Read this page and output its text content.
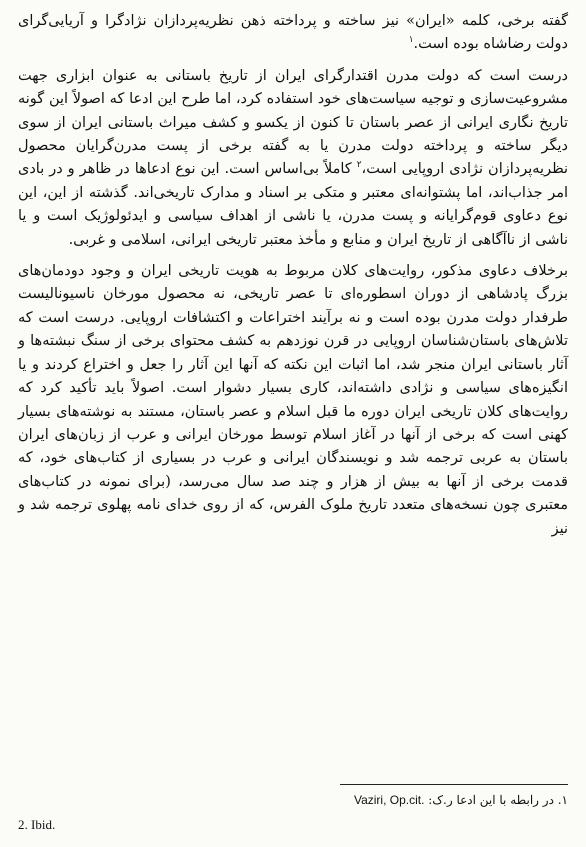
گفته برخی، کلمه «ایران» نیز ساخته و پرداخته ذهن نظریه‌پردازان نژادگرا و آریایی‌گرای دولت رضاشاه بوده است.$^۱$

درست است که دولت مدرن اقتدارگرای ایران از تاریخ باستانی به عنوان ابزاری جهت مشروعیت‌سازی و توجیه سیاست‌های خود استفاده کرد، اما طرح این ادعا که اصولاً این گونه تاریخ نگاری ایرانی از عصر باستان تا کنون از یکسو و کشف میراث باستانی ایران از سوی دیگر ساخته و پرداخته دولت مدرن یا به گفته برخی از پست مدرن‌گرایان محصول نظریه‌پردازان نژادی اروپایی است،$^۲$ کاملاً بی‌اساس است. این نوع ادعاها در ظاهر و در بادی امر جذاب‌اند، اما پشتوانه‌ای معتبر و متکی بر اسناد و مدارک تاریخی‌اند. گذشته از این، این نوع دعاوی قوم‌گرایانه و پست مدرن، یا ناشی از اهداف سیاسی و ایدئولوژیک است و یا ناشی از ناآگاهی از تاریخ ایران و منابع و مأخذ معتبر تاریخی ایرانی، اسلامی و غربی.

برخلاف دعاوی مذکور، روایت‌های کلان مربوط به هویت تاریخی ایران و وجود دودمان‌های بزرگ پادشاهی از دوران اسطوره‌ای تا عصر تاریخی، نه محصول مورخان ناسیونالیست طرفدار دولت مدرن بوده است و نه برآیند اختراعات و اکتشافات اروپایی. درست است که تلاش‌های باستان‌شناسان اروپایی در قرن نوزدهم به کشف محتوای برخی از سنگ نبشته‌ها و آثار باستانی ایران منجر شد، اما اثبات این نکته که آنها این آثار را جعل و اختراع کردند و یا انگیزه‌های سیاسی و نژادی داشته‌اند، کاری بسیار دشوار است. اصولاً باید تأکید کرد که روایت‌های کلان تاریخی ایران دوره ما قبل اسلام و عصر باستان، مستند به نوشته‌های بسیار کهنی است که برخی از آنها در آغاز اسلام توسط مورخان ایرانی و عرب از زبان‌های ایران باستان به عربی ترجمه شد و نویسندگان ایرانی و عرب در بسیاری از کتاب‌های خود، که قدمت برخی از آنها به بیش از هزار و چند صد سال می‌رسد، (برای نمونه در کتاب‌های معتبری چون نسخه‌های متعدد تاریخ ملوک الفرس، که از روی خدای نامه پهلوی ترجمه شد و نیز

۱. در رابطه با این ادعا ر.ک: Vaziri, Op.cit.
2. Ibid.
